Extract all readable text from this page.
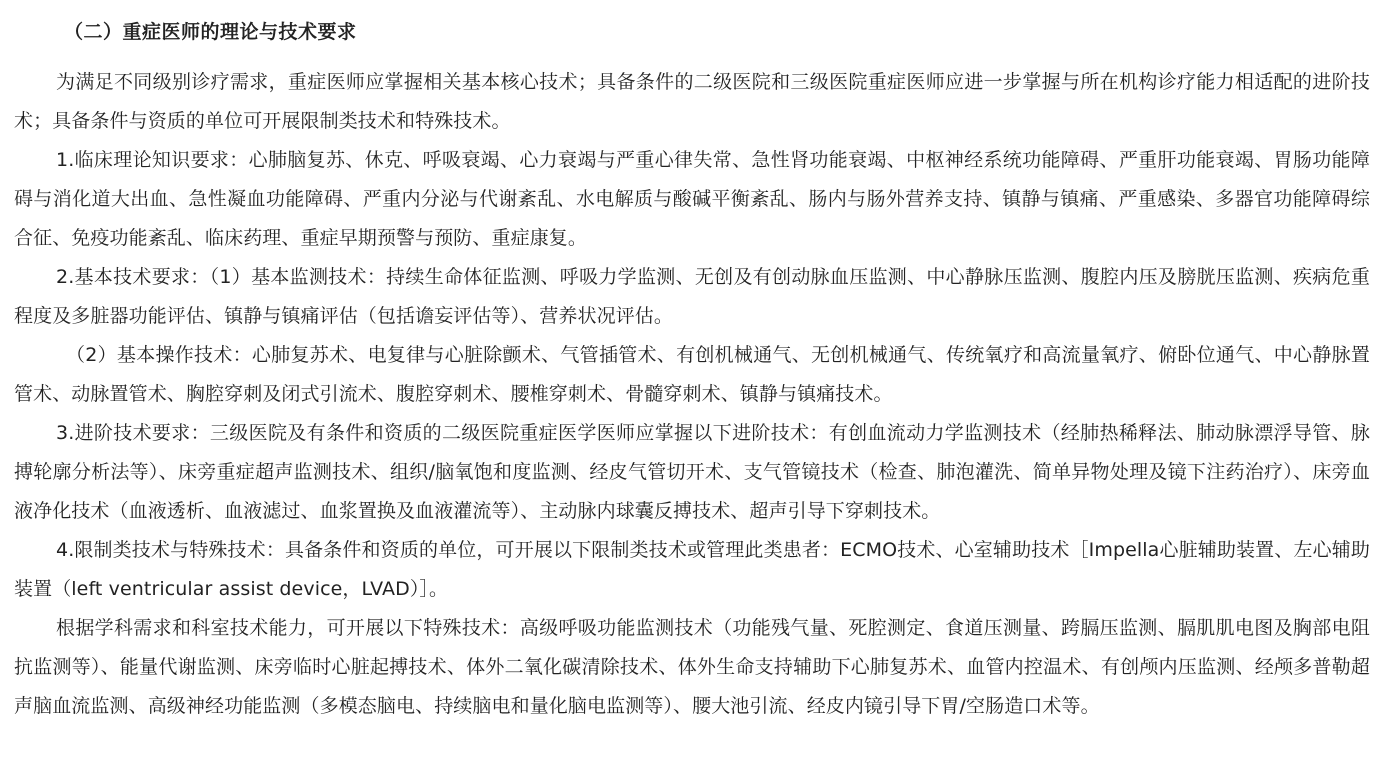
（二）重症医师的理论与技术要求

为满足不同级别诊疗需求，重症医师应掌握相关基本核心技术；具备条件的二级医院和三级医院重症医师应进一步掌握与所在机构诊疗能力相适配的进阶技术；具备条件与资质的单位可开展限制类技术和特殊技术。

1.临床理论知识要求：心肺脑复苏、休克、呼吸衰竭、心力衰竭与严重心律失常、急性肾功能衰竭、中枢神经系统功能障碍、严重肝功能衰竭、胃肠功能障碍与消化道大出血、急性凝血功能障碍、严重内分泌与代谢紊乱、水电解质与酸碱平衡紊乱、肠内与肠外营养支持、镇静与镇痛、严重感染、多器官功能障碍综合征、免疫功能紊乱、临床药理、重症早期预警与预防、重症康复。

2.基本技术要求：（1）基本监测技术：持续生命体征监测、呼吸力学监测、无创及有创动脉血压监测、中心静脉压监测、腹腔内压及膀胱压监测、疾病危重程度及多脏器功能评估、镇静与镇痛评估（包括谵妄评估等）、营养状况评估。

（2）基本操作技术：心肺复苏术、电复律与心脏除颤术、气管插管术、有创机械通气、无创机械通气、传统氧疗和高流量氧疗、俯卧位通气、中心静脉置管术、动脉置管术、胸腔穿刺及闭式引流术、腹腔穿刺术、腰椎穿刺术、骨髓穿刺术、镇静与镇痛技术。

3.进阶技术要求：三级医院及有条件和资质的二级医院重症医学医师应掌握以下进阶技术：有创血流动力学监测技术（经肺热稀释法、肺动脉漂浮导管、脉搏轮廓分析法等）、床旁重症超声监测技术、组织/脑氧饱和度监测、经皮气管切开术、支气管镜技术（检查、肺泡灌洗、简单异物处理及镜下注药治疗）、床旁血液净化技术（血液透析、血液滤过、血浆置换及血液灌流等）、主动脉内球囊反搏技术、超声引导下穿刺技术。

4.限制类技术与特殊技术：具备条件和资质的单位，可开展以下限制类技术或管理此类患者：ECMO技术、心室辅助技术［Impella心脏辅助装置、左心辅助装置（left ventricular assist device，LVAD）］。

根据学科需求和科室技术能力，可开展以下特殊技术：高级呼吸功能监测技术（功能残气量、死腔测定、食道压测量、跨膈压监测、膈肌肌电图及胸部电阻抗监测等）、能量代谢监测、床旁临时心脏起搏技术、体外二氧化碳清除技术、体外生命支持辅助下心肺复苏术、血管内控温术、有创颅内压监测、经颅多普勒超声脑血流监测、高级神经功能监测（多模态脑电、持续脑电和量化脑电监测等）、腰大池引流、经皮内镜引导下胃/空肠造口术等。
